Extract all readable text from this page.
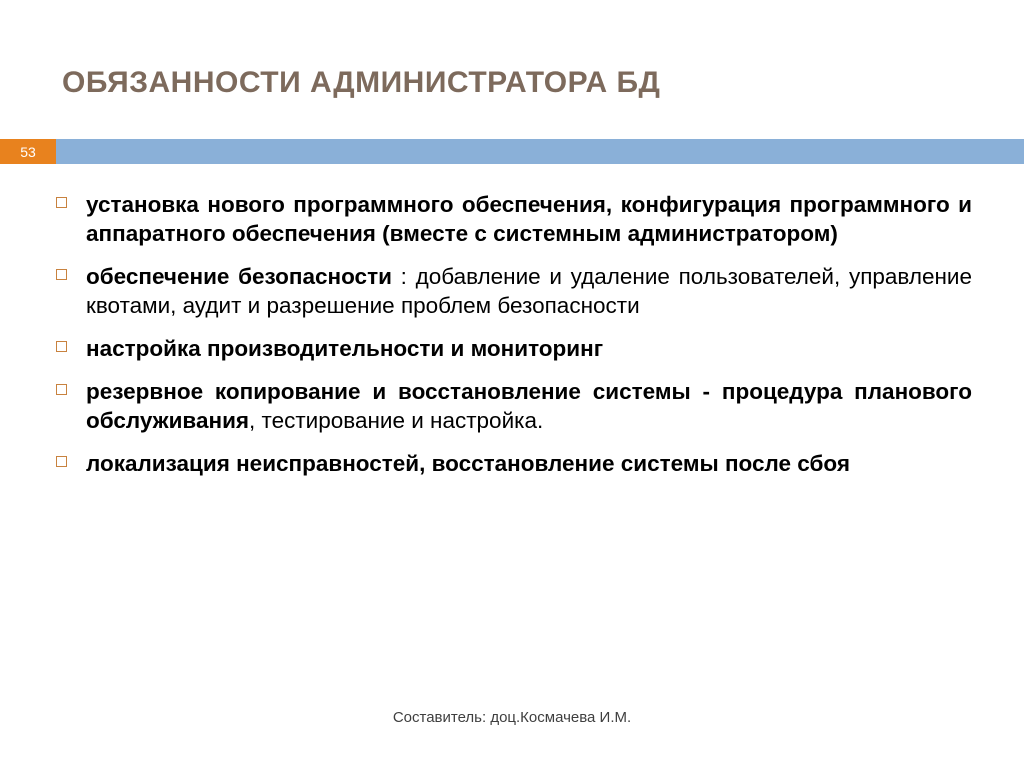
ОБЯЗАННОСТИ АДМИНИСТРАТОРА БД
53
установка нового программного обеспечения, конфигурация программного и аппаратного обеспечения (вместе с системным администратором)
обеспечение безопасности : добавление и удаление пользователей, управление квотами, аудит и разрешение проблем безопасности
настройка производительности и мониторинг
резервное копирование и восстановление системы - процедура планового обслуживания, тестирование и настройка.
локализация неисправностей, восстановление системы после сбоя
Составитель: доц.Космачева И.М.
